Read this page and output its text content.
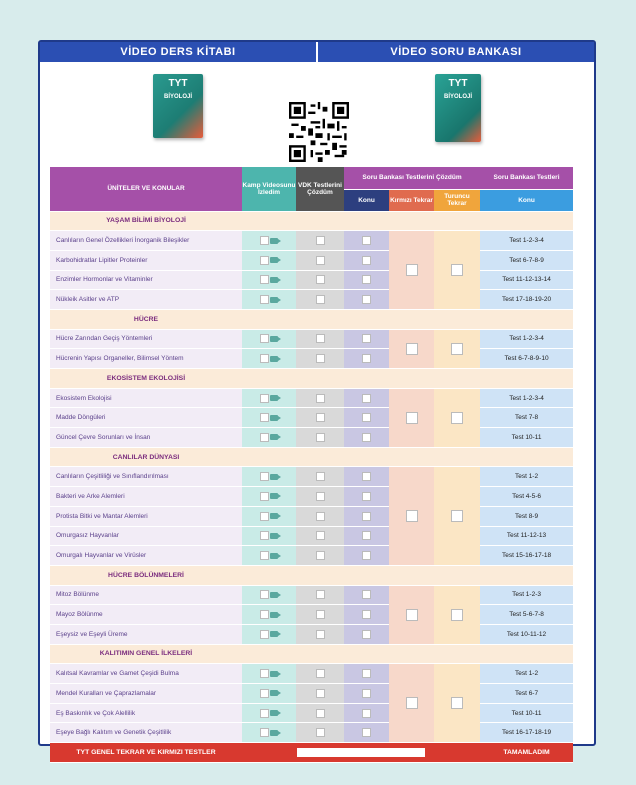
VİDEO DERS KİTABI	VİDEO SORU BANKASI
TYT
BİYOLOJİ
TYT
BİYOLOJİ
ÜNİTELER VE KONULAR	Kamp Videosunu İzledim	VDK Testlerini Çözdüm	Soru Bankası Testlerini Çözdüm			Soru Bankası Testleri
			Konu	Kırmızı Tekrar	Turuncu Tekrar	Konu
YAŞAM BİLİMİ BİYOLOJİ						
Canlıların Genel Özellikleri İnorganik Bileşikler						Test 1-2-3-4
Karbohidratlar Lipitler Proteinler						Test 6-7-8-9
Enzimler Hormonlar ve Vitaminler						Test 11-12-13-14
Nükleik Asitler ve ATP						Test 17-18-19-20
HÜCRE						
Hücre Zarından Geçiş Yöntemleri						Test 1-2-3-4
Hücrenin Yapısı Organeller, Bilimsel Yöntem						Test 6-7-8-9-10
EKOSİSTEM EKOLOJİSİ						
Ekosistem Ekolojisi						Test 1-2-3-4
Madde Döngüleri						Test 7-8
Güncel Çevre Sorunları ve İnsan						Test 10-11
CANLILAR DÜNYASI						
Canlıların Çeşitliliği ve Sınıflandırılması						Test 1-2
Bakteri ve Arke Alemleri						Test 4-5-6
Protista Bitki ve Mantar Alemleri						Test 8-9
Omurgasız Hayvanlar						Test 11-12-13
Omurgalı Hayvanlar ve Virüsler						Test 15-16-17-18
HÜCRE BÖLÜNMELERİ						
Mitoz Bölünme						Test 1-2-3
Mayoz Bölünme						Test 5-6-7-8
Eşeysiz ve Eşeyli Üreme						Test 10-11-12
KALITIMIN GENEL İLKELERİ						
Kalıtsal Kavramlar ve Gamet Çeşidi Bulma						Test 1-2
Mendel Kuralları ve Çaprazlamalar						Test 6-7
Eş Baskınlık ve Çok Alellilik						Test 10-11
Eşeye Bağlı Kalıtım ve Genetik Çeşitlilik						Test 16-17-18-19
TYT GENEL TEKRAR VE KIRMIZI TESTLER						TAMAMLADIM
